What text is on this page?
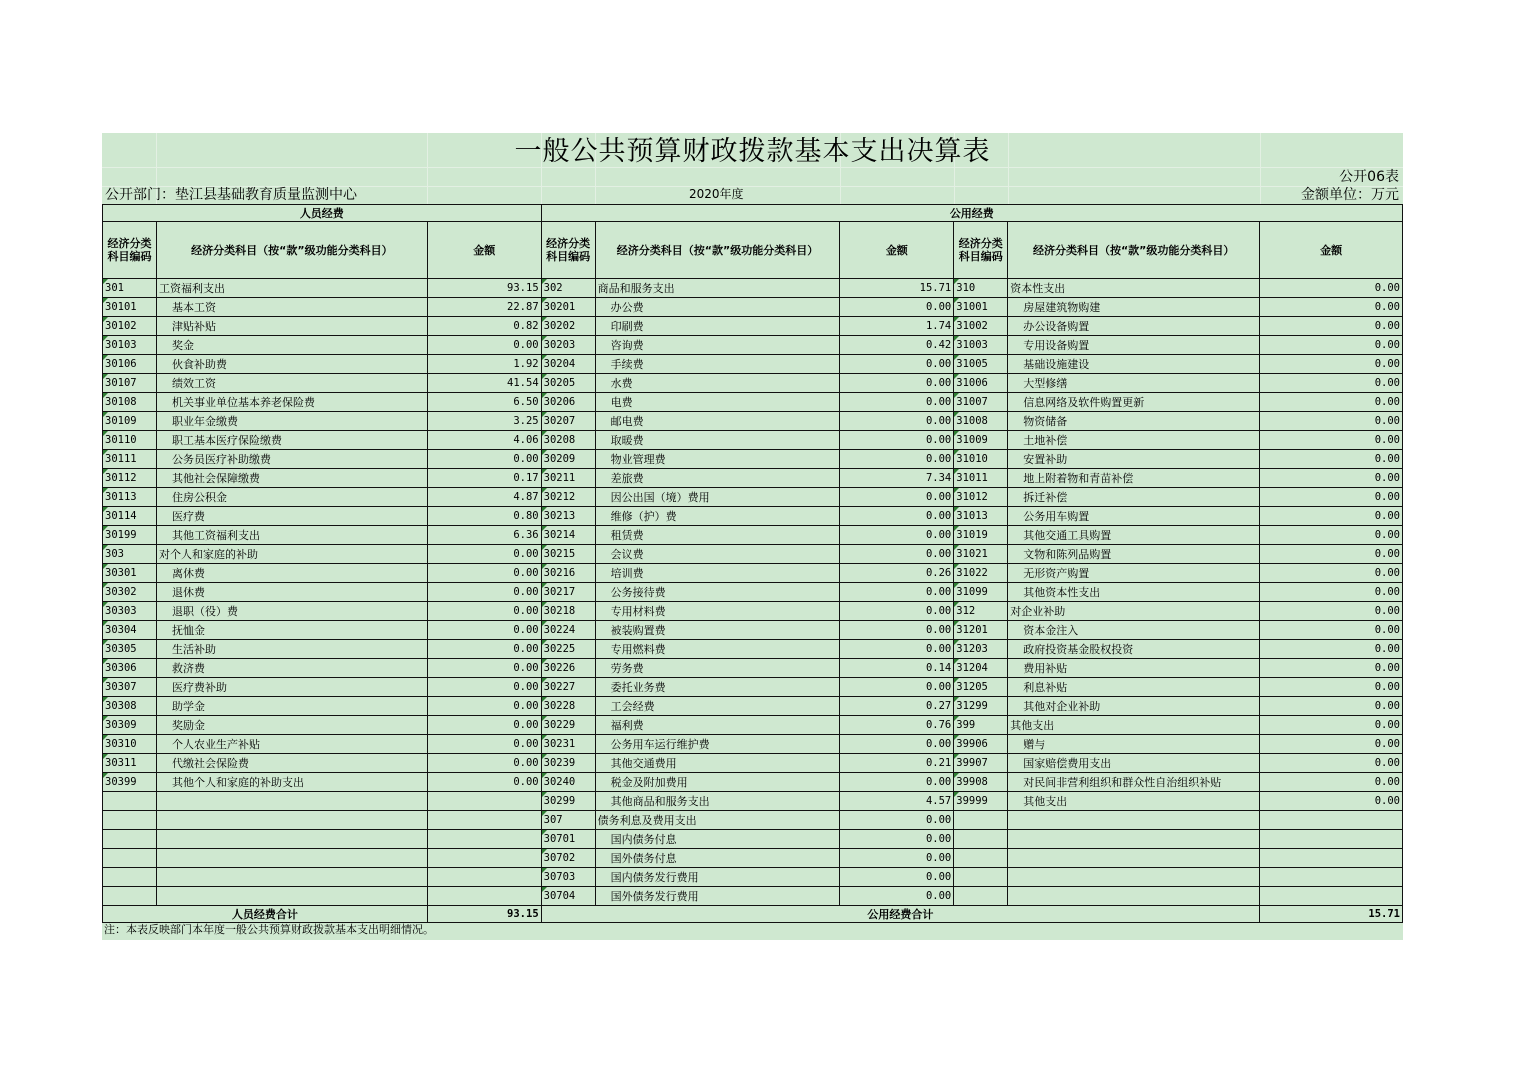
一般公共预算财政拨款基本支出决算表
公开06表
公开部门：垫江县基础教育质量监测中心	2020年度	金额单位：万元
人员经费			公用经费					
经济分类科目编码	经济分类科目（按“款”级功能分类科目）	金额	经济分类科目编码	经济分类科目（按“款”级功能分类科目）	金额	经济分类科目编码	经济分类科目（按“款”级功能分类科目）	金额
301	工资福利支出	93.15	302	商品和服务支出	15.71	310	资本性支出	0.00
30101	基本工资	22.87	30201	办公费	0.00	31001	房屋建筑物购建	0.00
30102	津贴补贴	0.82	30202	印刷费	1.74	31002	办公设备购置	0.00
30103	奖金	0.00	30203	咨询费	0.42	31003	专用设备购置	0.00
30106	伙食补助费	1.92	30204	手续费	0.00	31005	基础设施建设	0.00
30107	绩效工资	41.54	30205	水费	0.00	31006	大型修缮	0.00
30108	机关事业单位基本养老保险费	6.50	30206	电费	0.00	31007	信息网络及软件购置更新	0.00
30109	职业年金缴费	3.25	30207	邮电费	0.00	31008	物资储备	0.00
30110	职工基本医疗保险缴费	4.06	30208	取暖费	0.00	31009	土地补偿	0.00
30111	公务员医疗补助缴费	0.00	30209	物业管理费	0.00	31010	安置补助	0.00
30112	其他社会保障缴费	0.17	30211	差旅费	7.34	31011	地上附着物和青苗补偿	0.00
30113	住房公积金	4.87	30212	因公出国（境）费用	0.00	31012	拆迁补偿	0.00
30114	医疗费	0.80	30213	维修（护）费	0.00	31013	公务用车购置	0.00
30199	其他工资福利支出	6.36	30214	租赁费	0.00	31019	其他交通工具购置	0.00
303	对个人和家庭的补助	0.00	30215	会议费	0.00	31021	文物和陈列品购置	0.00
30301	离休费	0.00	30216	培训费	0.26	31022	无形资产购置	0.00
30302	退休费	0.00	30217	公务接待费	0.00	31099	其他资本性支出	0.00
30303	退职（役）费	0.00	30218	专用材料费	0.00	312	对企业补助	0.00
30304	抚恤金	0.00	30224	被装购置费	0.00	31201	资本金注入	0.00
30305	生活补助	0.00	30225	专用燃料费	0.00	31203	政府投资基金股权投资	0.00
30306	救济费	0.00	30226	劳务费	0.14	31204	费用补贴	0.00
30307	医疗费补助	0.00	30227	委托业务费	0.00	31205	利息补贴	0.00
30308	助学金	0.00	30228	工会经费	0.27	31299	其他对企业补助	0.00
30309	奖励金	0.00	30229	福利费	0.76	399	其他支出	0.00
30310	个人农业生产补贴	0.00	30231	公务用车运行维护费	0.00	39906	赠与	0.00
30311	代缴社会保险费	0.00	30239	其他交通费用	0.21	39907	国家赔偿费用支出	0.00
30399	其他个人和家庭的补助支出	0.00	30240	税金及附加费用	0.00	39908	对民间非营利组织和群众性自治组织补贴	0.00
			30299	其他商品和服务支出	4.57	39999	其他支出	0.00
			307	债务利息及费用支出	0.00			
			30701	国内债务付息	0.00			
			30702	国外债务付息	0.00			
			30703	国内债务发行费用	0.00			
			30704	国外债务发行费用	0.00			
人员经费合计		93.15	公用经费合计					15.71
注：本表反映部门本年度一般公共预算财政拨款基本支出明细情况。
